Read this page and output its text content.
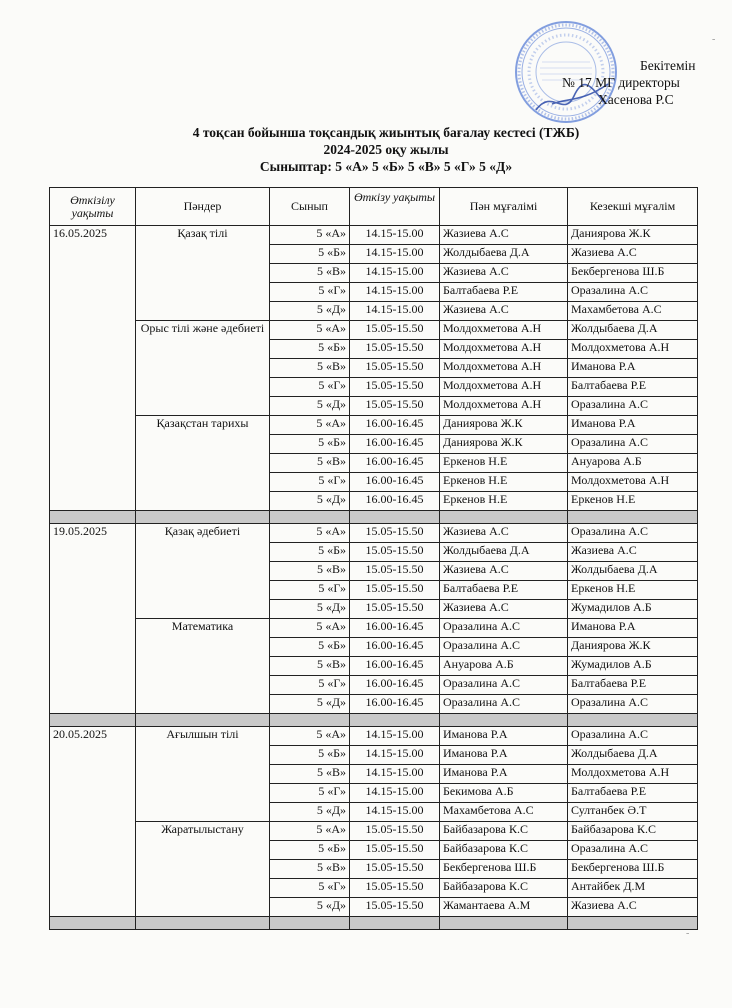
Бекітемін
№ 17 МГ директоры
Хасенова Р.С
4 тоқсан бойынша тоқсандық жиынтық бағалау кестесі (ТЖБ)
2024-2025 оқу жылы
Сыныптар: 5 «А» 5 «Б» 5 «В» 5 «Г» 5 «Д»
Өткізілу уақыты	Пәндер	Сынып	Өткізу уақыты	Пән мұғалімі	Кезекші мұғалім
16.05.2025	Қазақ тілі	5 «А»	14.15-15.00	Жазиева А.С	Даниярова Ж.К
		5 «Б»	14.15-15.00	Жолдыбаева Д.А	Жазиева А.С
		5 «В»	14.15-15.00	Жазиева А.С	Бекбергенова Ш.Б
		5 «Г»	14.15-15.00	Балтабаева Р.Е	Оразалина А.С
		5 «Д»	14.15-15.00	Жазиева А.С	Махамбетова А.С
	Орыс тілі және әдебиеті	5 «А»	15.05-15.50	Молдохметова А.Н	Жолдыбаева Д.А
		5 «Б»	15.05-15.50	Молдохметова А.Н	Молдохметова А.Н
		5 «В»	15.05-15.50	Молдохметова А.Н	Иманова Р.А
		5 «Г»	15.05-15.50	Молдохметова А.Н	Балтабаева Р.Е
		5 «Д»	15.05-15.50	Молдохметова А.Н	Оразалина А.С
	Қазақстан тарихы	5 «А»	16.00-16.45	Даниярова Ж.К	Иманова Р.А
		5 «Б»	16.00-16.45	Даниярова Ж.К	Оразалина А.С
		5 «В»	16.00-16.45	Еркенов Н.Е	Ануарова А.Б
		5 «Г»	16.00-16.45	Еркенов Н.Е	Молдохметова А.Н
		5 «Д»	16.00-16.45	Еркенов Н.Е	Еркенов Н.Е

19.05.2025	Қазақ әдебиеті	5 «А»	15.05-15.50	Жазиева А.С	Оразалина А.С
		5 «Б»	15.05-15.50	Жолдыбаева Д.А	Жазиева А.С
		5 «В»	15.05-15.50	Жазиева А.С	Жолдыбаева Д.А
		5 «Г»	15.05-15.50	Балтабаева Р.Е	Еркенов Н.Е
		5 «Д»	15.05-15.50	Жазиева А.С	Жумадилов А.Б
	Математика	5 «А»	16.00-16.45	Оразалина А.С	Иманова Р.А
		5 «Б»	16.00-16.45	Оразалина А.С	Даниярова Ж.К
		5 «В»	16.00-16.45	Ануарова А.Б	Жумадилов А.Б
		5 «Г»	16.00-16.45	Оразалина А.С	Балтабаева Р.Е
		5 «Д»	16.00-16.45	Оразалина А.С	Оразалина А.С

20.05.2025	Ағылшын тілі	5 «А»	14.15-15.00	Иманова Р.А	Оразалина А.С
		5 «Б»	14.15-15.00	Иманова Р.А	Жолдыбаева Д.А
		5 «В»	14.15-15.00	Иманова Р.А	Молдохметова А.Н
		5 «Г»	14.15-15.00	Бекимова А.Б	Балтабаева Р.Е
		5 «Д»	14.15-15.00	Махамбетова А.С	Султанбек Ә.Т
	Жаратылыстану	5 «А»	15.05-15.50	Байбазарова К.С	Байбазарова К.С
		5 «Б»	15.05-15.50	Байбазарова К.С	Оразалина А.С
		5 «В»	15.05-15.50	Бекбергенова Ш.Б	Бекбергенова Ш.Б
		5 «Г»	15.05-15.50	Байбазарова К.С	Антайбек Д.М
		5 «Д»	15.05-15.50	Жамантаева А.М	Жазиева А.С

-
-
